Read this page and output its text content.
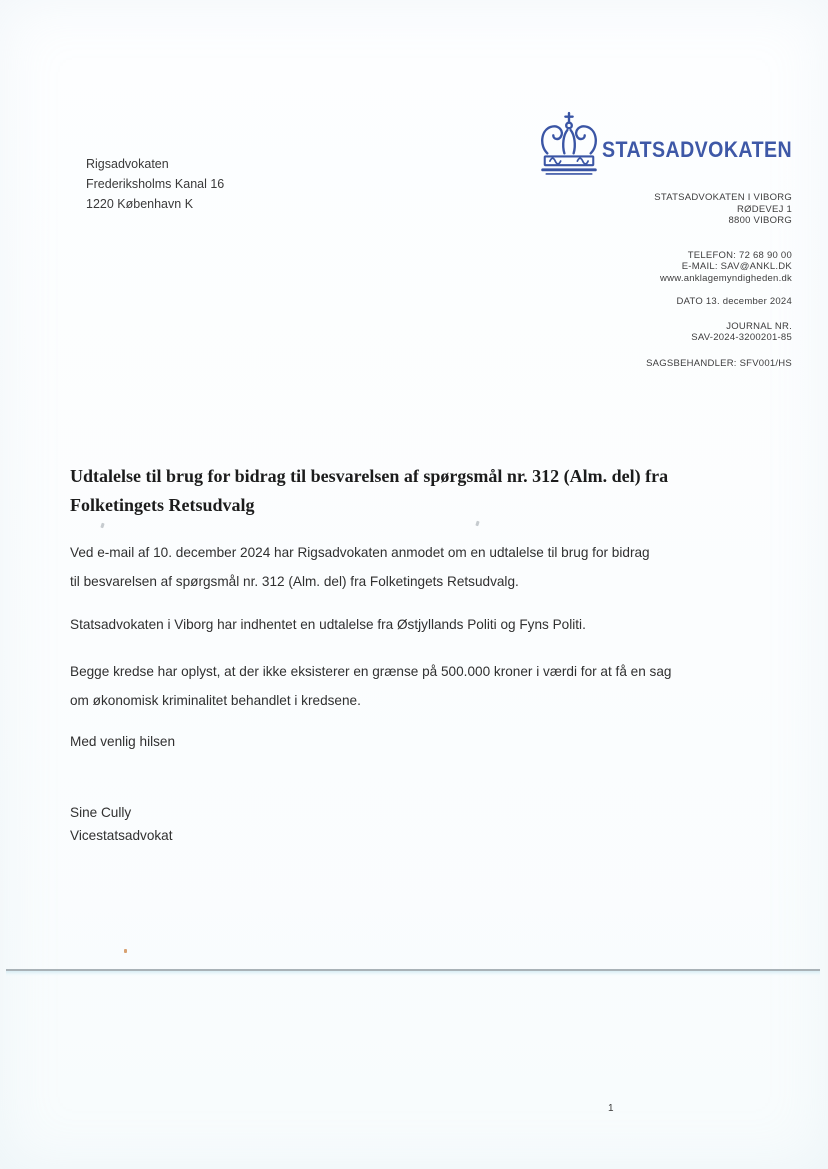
Rigsadvokaten
Frederiksholms Kanal 16
1220 København K
STATSADVOKATEN
STATSADVOKATEN I VIBORG
RØDEVEJ 1
8800 VIBORG
TELEFON: 72 68 90 00
E-MAIL: SAV@ANKL.DK
www.anklagemyndigheden.dk
DATO 13. december 2024
JOURNAL NR.
SAV-2024-3200201-85
SAGSBEHANDLER: SFV001/HS
Udtalelse til brug for bidrag til besvarelsen af spørgsmål nr. 312 (Alm. del) fra
Folketingets Retsudvalg
Ved e-mail af 10. december 2024 har Rigsadvokaten anmodet om en udtalelse til brug for bidrag
til besvarelsen af spørgsmål nr. 312 (Alm. del) fra Folketingets Retsudvalg.
Statsadvokaten i Viborg har indhentet en udtalelse fra Østjyllands Politi og Fyns Politi.
Begge kredse har oplyst, at der ikke eksisterer en grænse på 500.000 kroner i værdi for at få en sag
om økonomisk kriminalitet behandlet i kredsene.
Med venlig hilsen
Sine Cully
Vicestatsadvokat
1
